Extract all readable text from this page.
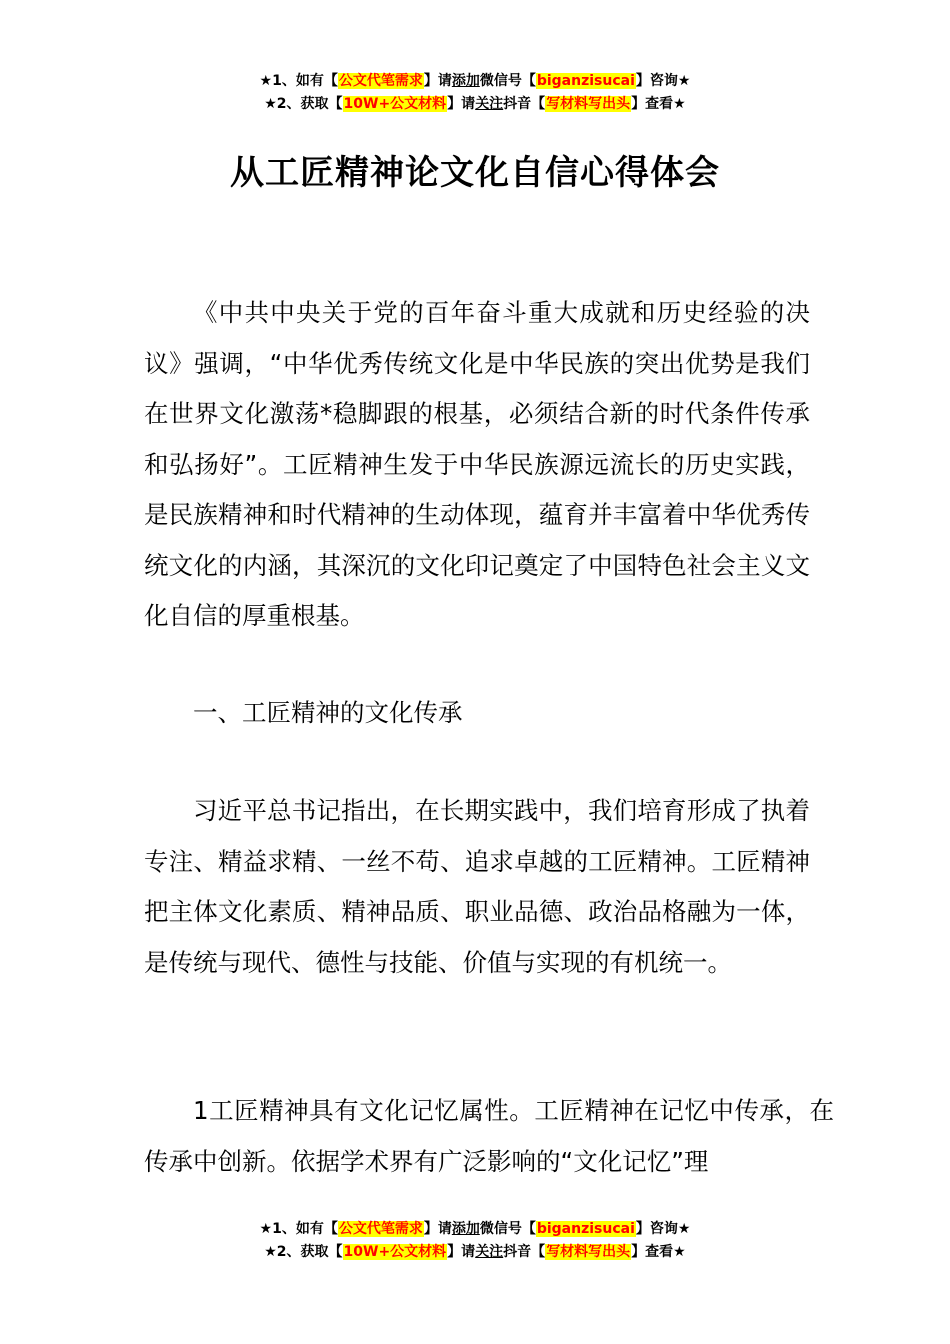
★1、如有【公文代笔需求】请添加微信号【biganzisucai】咨询★
★2、获取【10W+公文材料】请关注抖音【写材料写出头】查看★
从工匠精神论文化自信心得体会

《中共中央关于党的百年奋斗重大成就和历史经验的决议》强调，“中华优秀传统文化是中华民族的突出优势是我们在世界文化激荡*稳脚跟的根基，必须结合新的时代条件传承和弘扬好”。工匠精神生发于中华民族源远流长的历史实践，是民族精神和时代精神的生动体现，蕴育并丰富着中华优秀传统文化的内涵，其深沉的文化印记奠定了中国特色社会主义文化自信的厚重根基。

一、工匠精神的文化传承

习近平总书记指出，在长期实践中，我们培育形成了执着专注、精益求精、一丝不苟、追求卓越的工匠精神。工匠精神把主体文化素质、精神品质、职业品德、政治品格融为一体，是传统与现代、德性与技能、价值与实现的有机统一。

1工匠精神具有文化记忆属性。工匠精神在记忆中传承，在传承中创新。依据学术界有广泛影响的“文化记忆”理

★1、如有【公文代笔需求】请添加微信号【biganzisucai】咨询★
★2、获取【10W+公文材料】请关注抖音【写材料写出头】查看★
